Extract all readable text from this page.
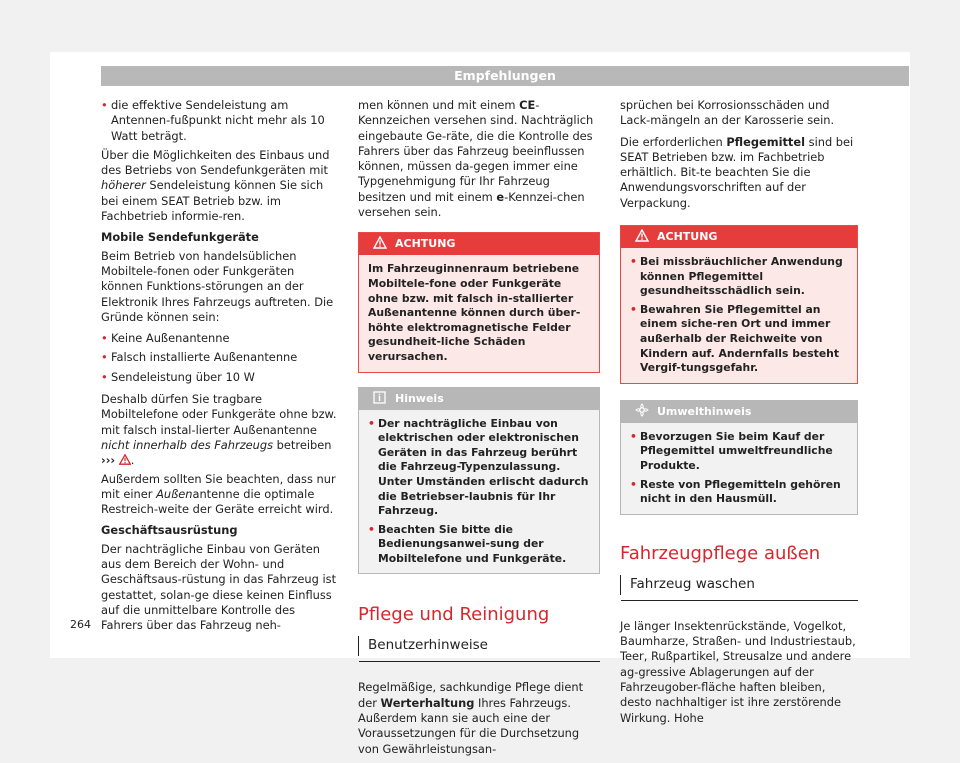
Empfehlungen
• die effektive Sendeleistung am Antennen-fußpunkt nicht mehr als 10 Watt beträgt.

Über die Möglichkeiten des Einbaus und des Betriebs von Sendefunkgeräten mit höherer Sendeleistung können Sie sich bei einem SEAT Betrieb bzw. im Fachbetrieb informie-ren.

Mobile Sendefunkgeräte

Beim Betrieb von handelsüblichen Mobiltele-fonen oder Funkgeräten können Funktions-störungen an der Elektronik Ihres Fahrzeugs auftreten. Die Gründe können sein:

• Keine Außenantenne
• Falsch installierte Außenantenne
• Sendeleistung über 10 W

Deshalb dürfen Sie tragbare Mobiltelefone oder Funkgeräte ohne bzw. mit falsch instal-lierter Außenantenne nicht innerhalb des Fahrzeugs betreiben ››› .

Außerdem sollten Sie beachten, dass nur mit einer Außenantenne die optimale Restreich-weite der Geräte erreicht wird.

Geschäftsausrüstung

Der nachträgliche Einbau von Geräten aus dem Bereich der Wohn- und Geschäftsaus-rüstung in das Fahrzeug ist gestattet, solan-ge diese keinen Einfluss auf die unmittelbare Kontrolle des Fahrers über das Fahrzeug neh-

men können und mit einem CE-Kennzeichen versehen sind. Nachträglich eingebaute Ge-räte, die die Kontrolle des Fahrers über das Fahrzeug beeinflussen können, müssen da-gegen immer eine Typgenehmigung für Ihr Fahrzeug besitzen und mit einem e-Kennzei-chen versehen sein.

ACHTUNG
Im Fahrzeuginnenraum betriebene Mobiltele-fone oder Funkgeräte ohne bzw. mit falsch in-stallierter Außenantenne können durch über-höhte elektromagnetische Felder gesundheit-liche Schäden verursachen.
Hinweis
• Der nachträgliche Einbau von elektrischen oder elektronischen Geräten in das Fahrzeug berührt die Fahrzeug-Typenzulassung. Unter Umständen erlischt dadurch die Betriebser-laubnis für Ihr Fahrzeug.
• Beachten Sie bitte die Bedienungsanwei-sung der Mobiltelefone und Funkgeräte.
Pflege und Reinigung
Benutzerhinweise

Regelmäßige, sachkundige Pflege dient der Werterhaltung Ihres Fahrzeugs. Außerdem kann sie auch eine der Voraussetzungen für die Durchsetzung von Gewährleistungsan-

sprüchen bei Korrosionsschäden und Lack-mängeln an der Karosserie sein.

Die erforderlichen Pflegemittel sind bei SEAT Betrieben bzw. im Fachbetrieb erhältlich. Bit-te beachten Sie die Anwendungsvorschriften auf der Verpackung.

ACHTUNG
• Bei missbräuchlicher Anwendung können Pflegemittel gesundheitsschädlich sein.
• Bewahren Sie Pflegemittel an einem siche-ren Ort und immer außerhalb der Reichweite von Kindern auf. Andernfalls besteht Vergif-tungsgefahr.
Umwelthinweis
• Bevorzugen Sie beim Kauf der Pflegemittel umweltfreundliche Produkte.
• Reste von Pflegemitteln gehören nicht in den Hausmüll.
Fahrzeugpflege außen
Fahrzeug waschen

Je länger Insektenrückstände, Vogelkot, Baumharze, Straßen- und Industriestaub, Teer, Rußpartikel, Streusalze und andere ag-gressive Ablagerungen auf der Fahrzeugober-fläche haften bleiben, desto nachhaltiger ist ihre zerstörende Wirkung. Hohe

264
